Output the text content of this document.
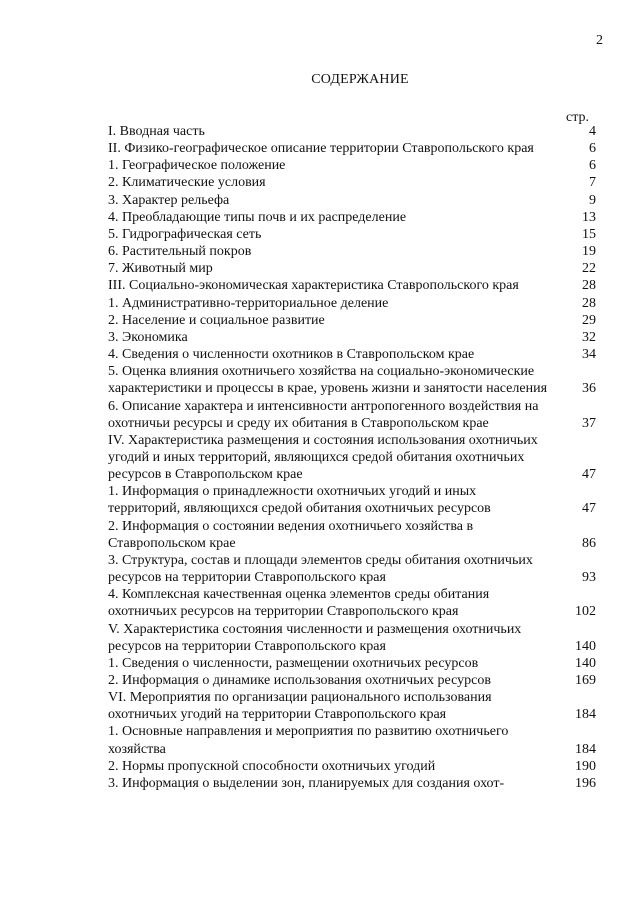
2
СОДЕРЖАНИЕ
стр.
I. Вводная часть	4
II. Физико-географическое описание территории Ставропольского края	6
1. Географическое положение	6
2. Климатические условия	7
3. Характер рельефа	9
4. Преобладающие типы почв и их распределение	13
5. Гидрографическая сеть	15
6. Растительный покров	19
7. Животный мир	22
III. Социально-экономическая характеристика Ставропольского края	28
1. Административно-территориальное деление	28
2. Население и социальное развитие	29
3. Экономика	32
4. Сведения о численности охотников в Ставропольском крае	34
5. Оценка влияния охотничьего хозяйства на социально-экономические характеристики и процессы в крае, уровень жизни и занятости населения	36
6. Описание характера и интенсивности антропогенного воздействия на охотничьи ресурсы и среду их обитания в Ставропольском крае	37
IV. Характеристика размещения и состояния использования охотничьих угодий и иных территорий, являющихся средой обитания охотничьих ресурсов в Ставропольском крае	47
1. Информация о принадлежности охотничьих угодий и иных территорий, являющихся средой обитания охотничьих ресурсов	47
2. Информация о состоянии ведения охотничьего хозяйства в Ставропольском крае	86
3. Структура, состав и площади элементов среды обитания охотничьих ресурсов на территории Ставропольского края	93
4. Комплексная качественная оценка элементов среды обитания охотничьих ресурсов на территории Ставропольского края	102
V. Характеристика состояния численности и размещения охотничьих ресурсов на территории Ставропольского края	140
1. Сведения о численности, размещении охотничьих ресурсов	140
2. Информация о динамике использования охотничьих ресурсов	169
VI. Мероприятия по организации рационального использования охотничьих угодий на территории Ставропольского края	184
1. Основные направления и мероприятия по развитию охотничьего хозяйства	184
2. Нормы пропускной способности охотничьих угодий	190
3. Информация о выделении зон, планируемых для создания охот-	196
